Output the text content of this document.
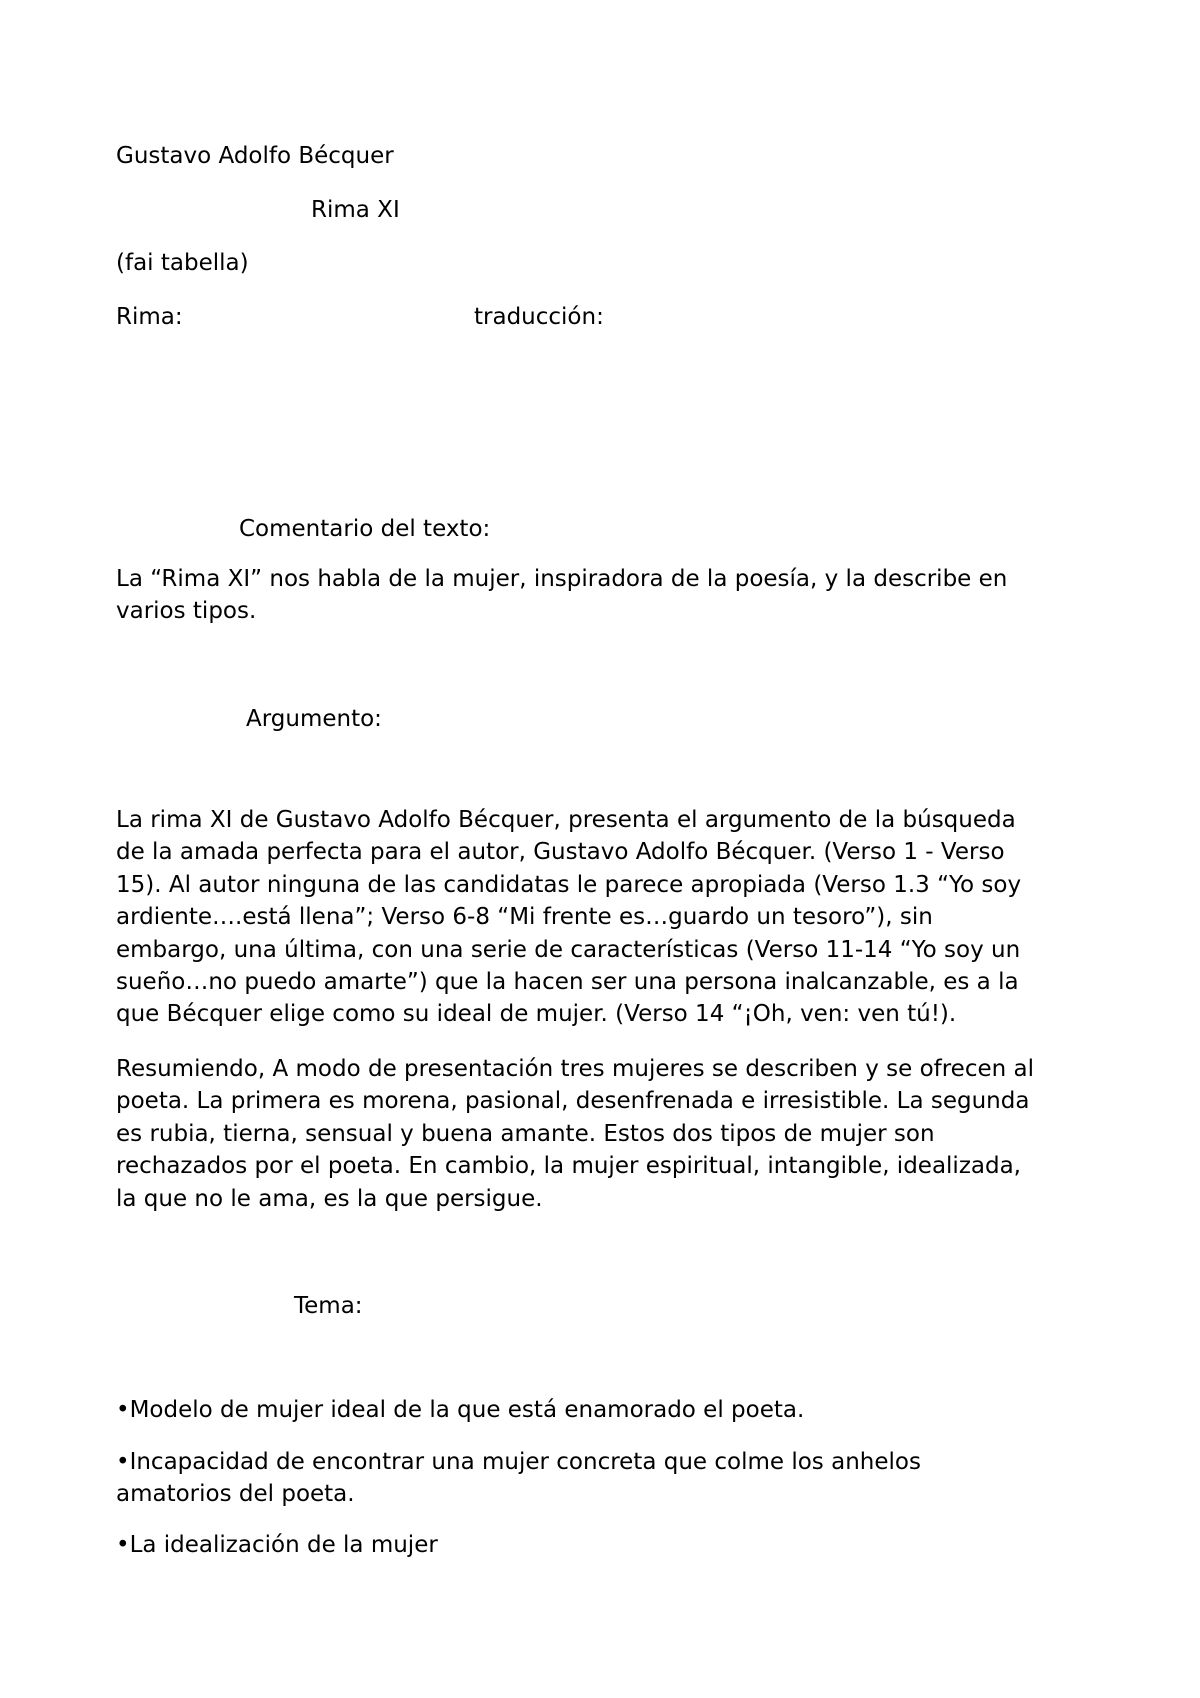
Gustavo Adolfo Bécquer

Rima XI

(fai tabella)

Rima:	traducción:

Comentario del texto:

La “Rima XI” nos habla de la mujer, inspiradora de la poesía, y la describe en
varios tipos.

Argumento:

La rima XI de Gustavo Adolfo Bécquer, presenta el argumento de la búsqueda
de la amada perfecta para el autor, Gustavo Adolfo Bécquer. (Verso 1 - Verso
15). Al autor ninguna de las candidatas le parece apropiada (Verso 1.3 “Yo soy
ardiente….está llena”; Verso 6-8 “Mi frente es…guardo un tesoro”), sin
embargo, una última, con una serie de características (Verso 11-14 “Yo soy un
sueño…no puedo amarte”) que la hacen ser una persona inalcanzable, es a la
que Bécquer elige como su ideal de mujer. (Verso 14 “¡Oh, ven: ven tú!).
Resumiendo, A modo de presentación tres mujeres se describen y se ofrecen al
poeta. La primera es morena, pasional, desenfrenada e irresistible. La segunda
es rubia, tierna, sensual y buena amante. Estos dos tipos de mujer son
rechazados por el poeta. En cambio, la mujer espiritual, intangible, idealizada,
la que no le ama, es la que persigue.

Tema:

•Modelo de mujer ideal de la que está enamorado el poeta.
•Incapacidad de encontrar una mujer concreta que colme los anhelos
amatorios del poeta.
•La idealización de la mujer
